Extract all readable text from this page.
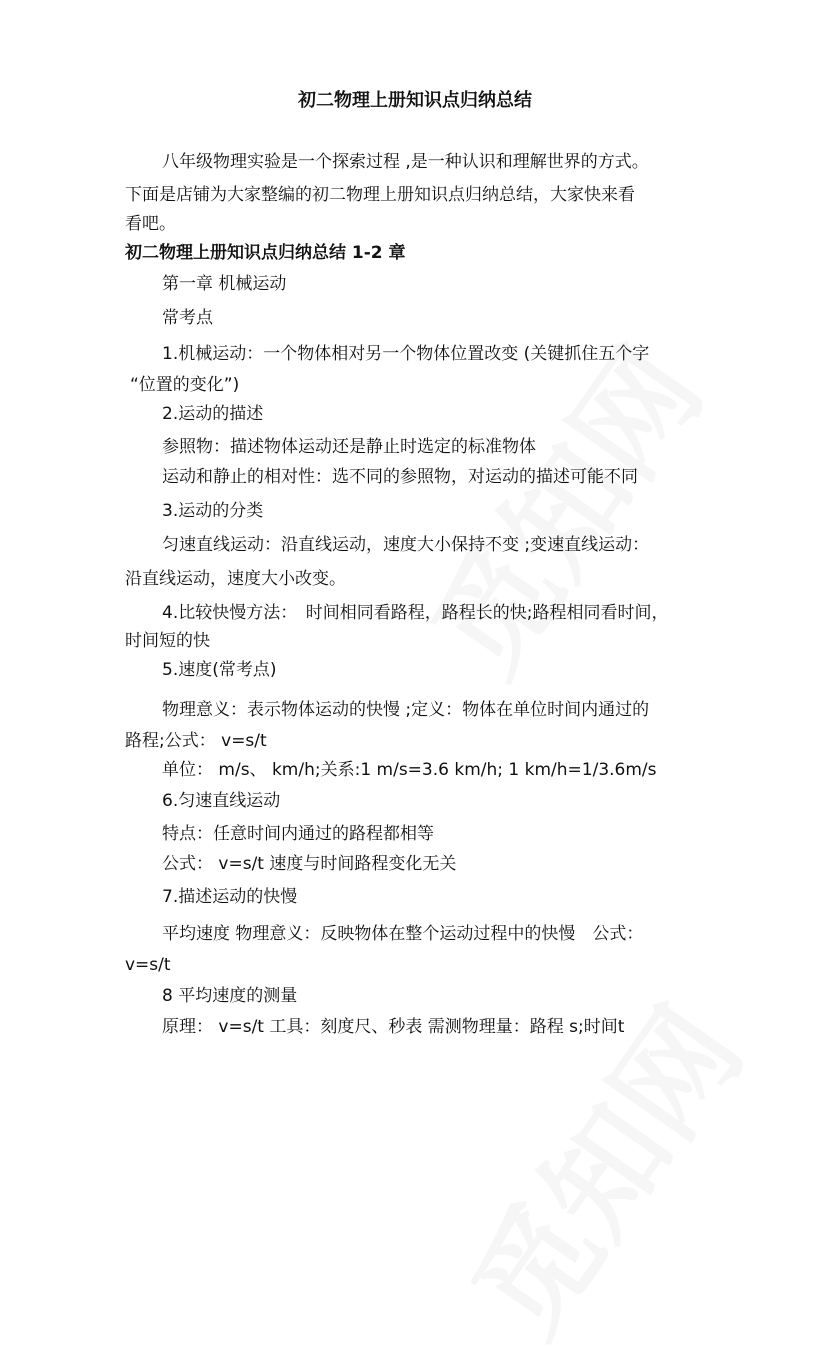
初二物理上册知识点归纳总结
八年级物理实验是一个探索过程 ,是一种认识和理解世界的方式。
下面是店铺为大家整编的初二物理上册知识点归纳总结，大家快来看
看吧。
初二物理上册知识点归纳总结 1-2 章
第一章 机械运动
常考点
1.机械运动：一个物体相对另一个物体位置改变 (关键抓住五个字
“位置的变化”)
2.运动的描述
参照物：描述物体运动还是静止时选定的标准物体
运动和静止的相对性：选不同的参照物，对运动的描述可能不同
3.运动的分类
匀速直线运动：沿直线运动，速度大小保持不变 ;变速直线运动：
沿直线运动，速度大小改变。
4.比较快慢方法：　时间相同看路程，路程长的快;路程相同看时间，
时间短的快
5.速度(常考点)
物理意义：表示物体运动的快慢 ;定义：物体在单位时间内通过的
路程;公式： v=s/t
单位： m/s、 km/h;关系:1 m/s=3.6 km/h; 1 km/h=1/3.6m/s
6.匀速直线运动
特点：任意时间内通过的路程都相等
公式： v=s/t 速度与时间路程变化无关
7.描述运动的快慢
平均速度 物理意义：反映物体在整个运动过程中的快慢　公式：
v=s/t
8 平均速度的测量
原理： v=s/t 工具：刻度尺、秒表 需测物理量：路程 s;时间t
